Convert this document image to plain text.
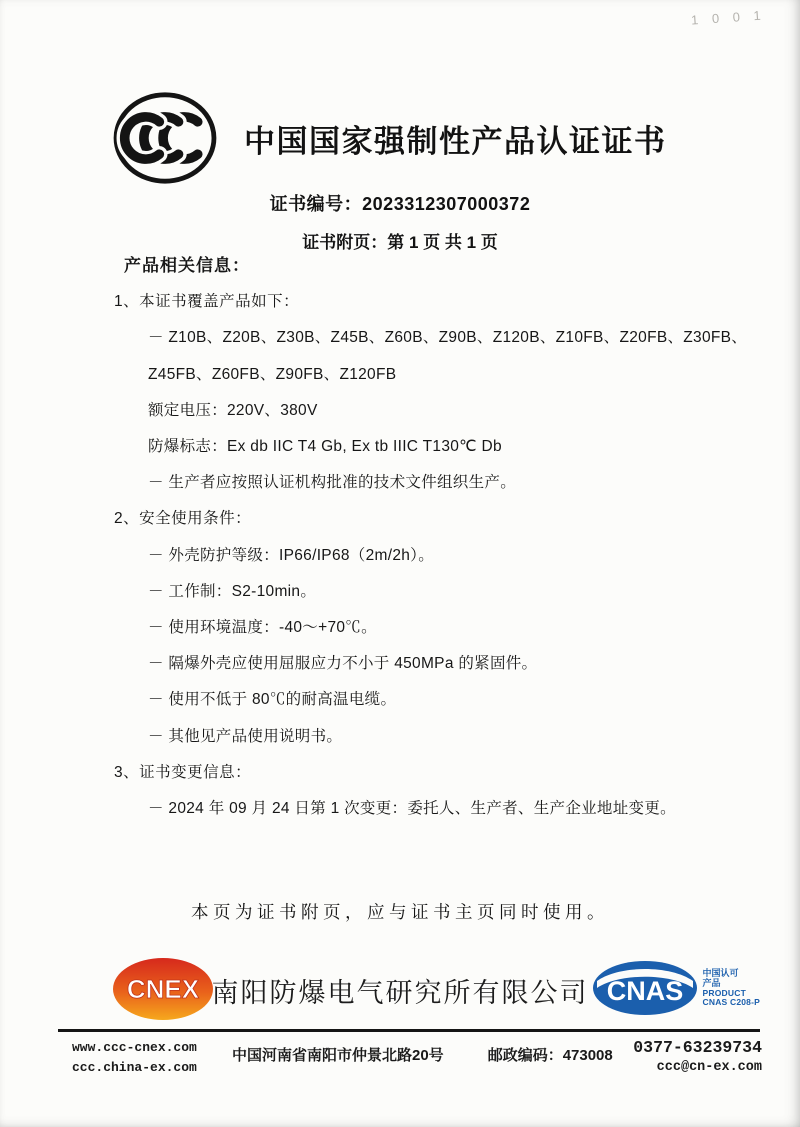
1 0 0 1
中国国家强制性产品认证证书
证书编号：2023312307000372
证书附页：第 1 页 共 1 页
产品相关信息：
1、本证书覆盖产品如下：
－ Z10B、Z20B、Z30B、Z45B、Z60B、Z90B、Z120B、Z10FB、Z20FB、Z30FB、
Z45FB、Z60FB、Z90FB、Z120FB
额定电压：220V、380V
防爆标志：Ex db IIC T4 Gb, Ex tb IIIC T130℃ Db
－ 生产者应按照认证机构批准的技术文件组织生产。
2、安全使用条件：
－ 外壳防护等级：IP66/IP68（2m/2h）。
－ 工作制：S2-10min。
－ 使用环境温度：-40～+70℃。
－ 隔爆外壳应使用屈服应力不小于 450MPa 的紧固件。
－ 使用不低于 80℃的耐高温电缆。
－ 其他见产品使用说明书。
3、证书变更信息：
－ 2024 年 09 月 24 日第 1 次变更：委托人、生产者、生产企业地址变更。
本页为证书附页，应与证书主页同时使用。
CNEX 南阳防爆电气研究所有限公司 CNAS
中国认可
产品
PRODUCT
CNAS C208-P
www.ccc-cnex.com
ccc.china-ex.com
中国河南省南阳市仲景北路20号	邮政编码：473008 0377-63239734
ccc@cn-ex.com
